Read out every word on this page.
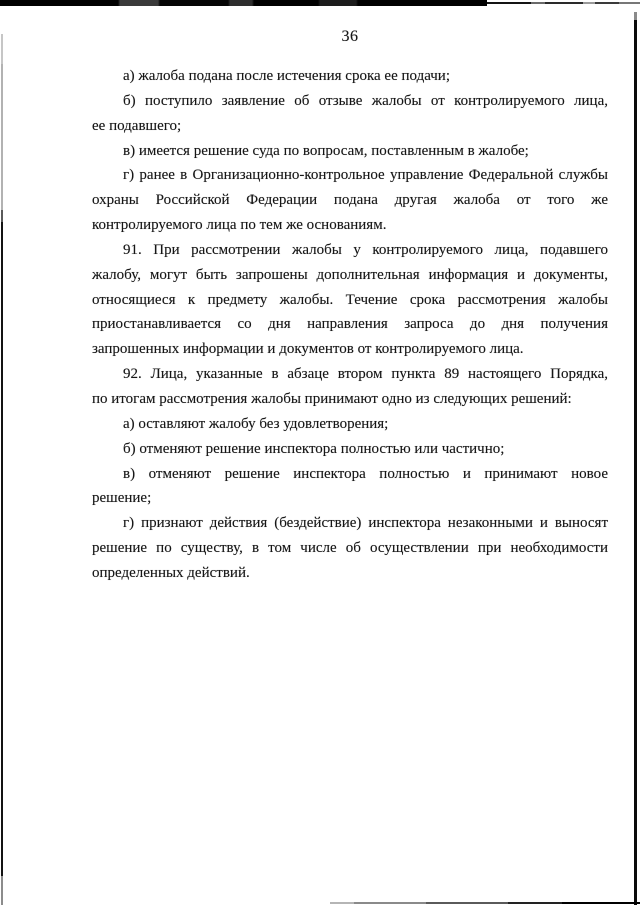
36
а) жалоба подана после истечения срока ее подачи;
б) поступило заявление об отзыве жалобы от контролируемого лица,
ее подавшего;
в) имеется решение суда по вопросам, поставленным в жалобе;
г) ранее в Организационно-контрольное управление Федеральной службы
охраны Российской Федерации подана другая жалоба от того же
контролируемого лица по тем же основаниям.
91. При рассмотрении жалобы у контролируемого лица, подавшего
жалобу, могут быть запрошены дополнительная информация и документы,
относящиеся к предмету жалобы. Течение срока рассмотрения жалобы
приостанавливается со дня направления запроса до дня получения
запрошенных информации и документов от контролируемого лица.
92. Лица, указанные в абзаце втором пункта 89 настоящего Порядка,
по итогам рассмотрения жалобы принимают одно из следующих решений:
а) оставляют жалобу без удовлетворения;
б) отменяют решение инспектора полностью или частично;
в) отменяют решение инспектора полностью и принимают новое
решение;
г) признают действия (бездействие) инспектора незаконными и выносят
решение по существу, в том числе об осуществлении при необходимости
определенных действий.
